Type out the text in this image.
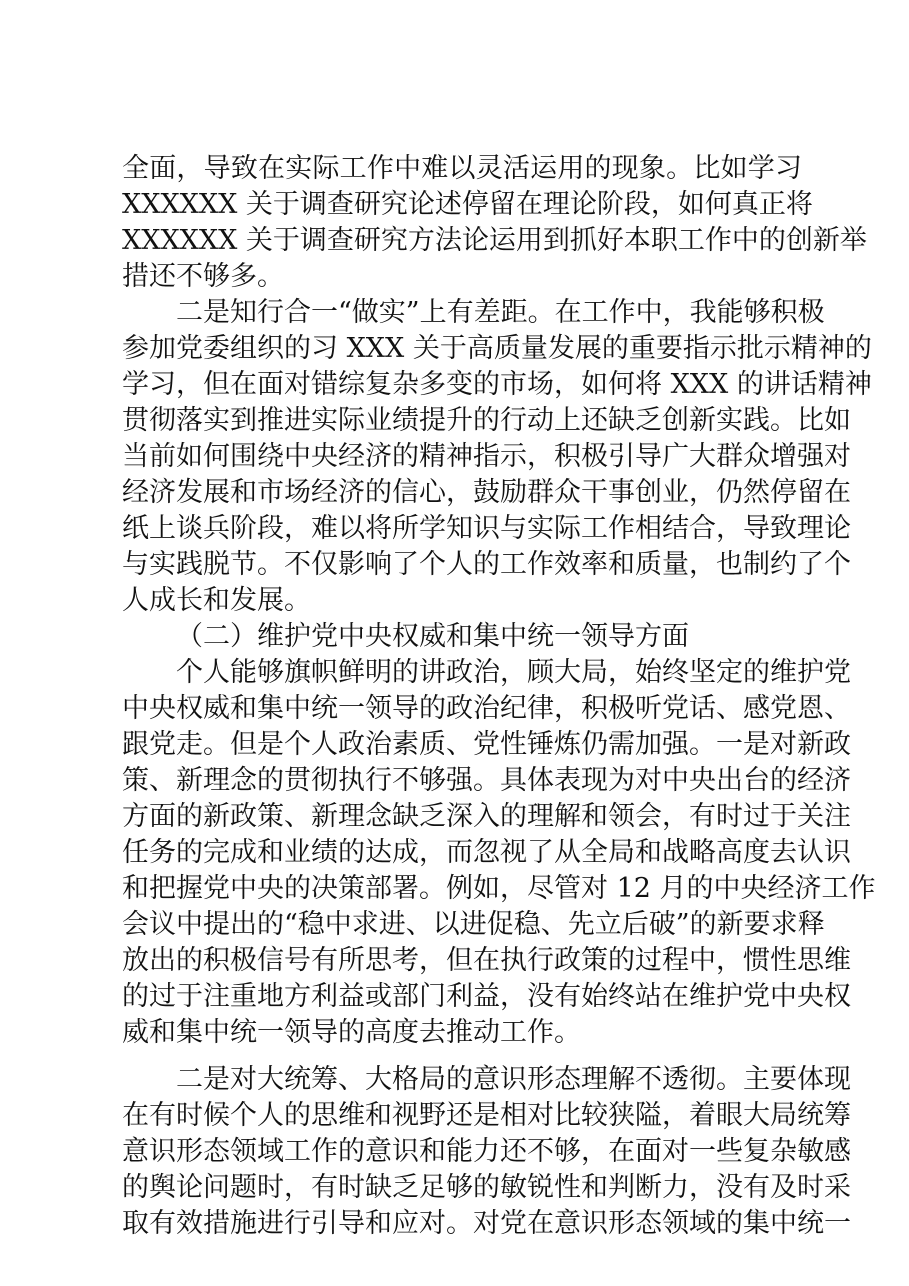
全面，导致在实际工作中难以灵活运用的现象。比如学习
XXXXXX 关于调查研究论述停留在理论阶段，如何真正将
XXXXXX 关于调查研究方法论运用到抓好本职工作中的创新举
措还不够多。
二是知行合一“做实”上有差距。在工作中，我能够积极
参加党委组织的习 XXX 关于高质量发展的重要指示批示精神的
学习，但在面对错综复杂多变的市场，如何将 XXX 的讲话精神
贯彻落实到推进实际业绩提升的行动上还缺乏创新实践。比如
当前如何围绕中央经济的精神指示，积极引导广大群众增强对
经济发展和市场经济的信心，鼓励群众干事创业，仍然停留在
纸上谈兵阶段，难以将所学知识与实际工作相结合，导致理论
与实践脱节。不仅影响了个人的工作效率和质量，也制约了个
人成长和发展。
（二）维护党中央权威和集中统一领导方面
个人能够旗帜鲜明的讲政治，顾大局，始终坚定的维护党
中央权威和集中统一领导的政治纪律，积极听党话、感党恩、
跟党走。但是个人政治素质、党性锤炼仍需加强。一是对新政
策、新理念的贯彻执行不够强。具体表现为对中央出台的经济
方面的新政策、新理念缺乏深入的理解和领会，有时过于关注
任务的完成和业绩的达成，而忽视了从全局和战略高度去认识
和把握党中央的决策部署。例如，尽管对 12 月的中央经济工作
会议中提出的“稳中求进、以进促稳、先立后破”的新要求释
放出的积极信号有所思考，但在执行政策的过程中，惯性思维
的过于注重地方利益或部门利益，没有始终站在维护党中央权
威和集中统一领导的高度去推动工作。
二是对大统筹、大格局的意识形态理解不透彻。主要体现
在有时候个人的思维和视野还是相对比较狭隘，着眼大局统筹
意识形态领域工作的意识和能力还不够，在面对一些复杂敏感
的舆论问题时，有时缺乏足够的敏锐性和判断力，没有及时采
取有效措施进行引导和应对。对党在意识形态领域的集中统一
